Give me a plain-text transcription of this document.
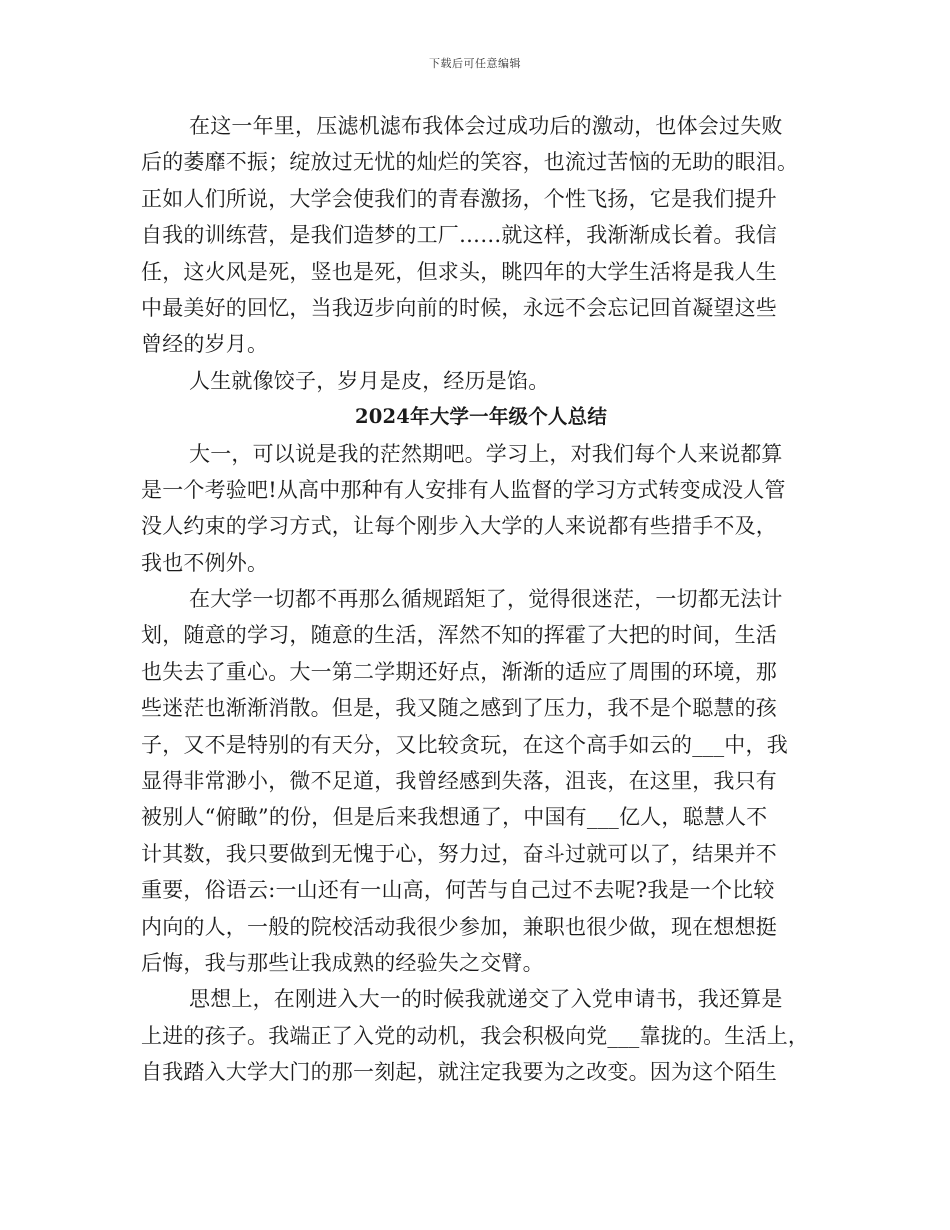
下载后可任意编辑
在这一年里，压滤机滤布我体会过成功后的激动，也体会过失败
后的萎靡不振；绽放过无忧的灿烂的笑容，也流过苦恼的无助的眼泪。
正如人们所说，大学会使我们的青春激扬，个性飞扬，它是我们提升
自我的训练营，是我们造梦的工厂……就这样，我渐渐成长着。我信
任，这火风是死，竖也是死，但求头，眺四年的大学生活将是我人生
中最美好的回忆，当我迈步向前的时候，永远不会忘记回首凝望这些
曾经的岁月。
人生就像饺子，岁月是皮，经历是馅。
2024年大学一年级个人总结
大一，可以说是我的茫然期吧。学习上，对我们每个人来说都算
是一个考验吧!从高中那种有人安排有人监督的学习方式转变成没人管
没人约束的学习方式，让每个刚步入大学的人来说都有些措手不及，
我也不例外。
在大学一切都不再那么循规蹈矩了，觉得很迷茫，一切都无法计
划，随意的学习，随意的生活，浑然不知的挥霍了大把的时间，生活
也失去了重心。大一第二学期还好点，渐渐的适应了周围的环境，那
些迷茫也渐渐消散。但是，我又随之感到了压力，我不是个聪慧的孩
子，又不是特别的有天分，又比较贪玩，在这个高手如云的___中，我
显得非常渺小，微不足道，我曾经感到失落，沮丧，在这里，我只有
被别人“俯瞰”的份，但是后来我想通了，中国有___亿人，聪慧人不
计其数，我只要做到无愧于心，努力过，奋斗过就可以了，结果并不
重要，俗语云:一山还有一山高，何苦与自己过不去呢?我是一个比较
内向的人，一般的院校活动我很少参加，兼职也很少做，现在想想挺
后悔，我与那些让我成熟的经验失之交臂。
思想上，在刚进入大一的时候我就递交了入党申请书，我还算是
上进的孩子。我端正了入党的动机，我会积极向党___靠拢的。生活上，
自我踏入大学大门的那一刻起，就注定我要为之改变。因为这个陌生
